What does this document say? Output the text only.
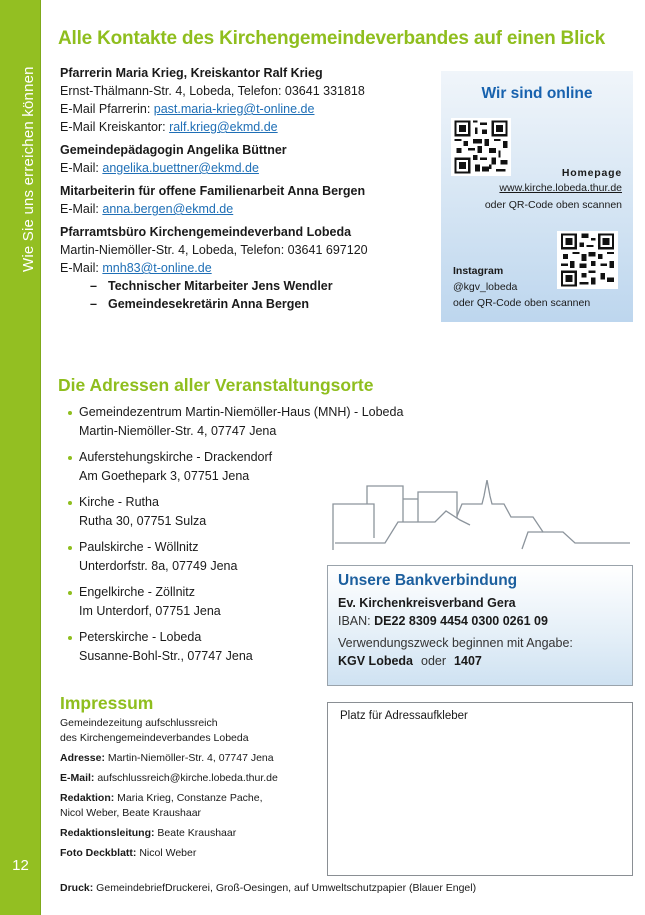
Wie Sie uns erreichen können
12
Alle Kontakte des Kirchengemeindeverbandes auf einen Blick
Pfarrerin Maria Krieg, Kreiskantor Ralf Krieg
Ernst-Thälmann-Str. 4, Lobeda, Telefon: 03641 331818
E-Mail Pfarrerin: past.maria-krieg@t-online.de
E-Mail Kreiskantor: ralf.krieg@ekmd.de
Gemeindepädagogin Angelika Büttner
E-Mail: angelika.buettner@ekmd.de
Mitarbeiterin für offene Familienarbeit Anna Bergen
E-Mail: anna.bergen@ekmd.de
Pfarramtsbüro Kirchengemeindeverband Lobeda
Martin-Niemöller-Str. 4, Lobeda, Telefon: 03641 697120
E-Mail: mnh83@t-online.de
– Technischer Mitarbeiter Jens Wendler
– Gemeindesekretärin Anna Bergen
Wir sind online
Homepage
www.kirche.lobeda.thur.de
oder QR-Code oben scannen
Instagram
@kgv_lobeda
oder QR-Code oben scannen
Die Adressen aller Veranstaltungsorte
Gemeindezentrum Martin-Niemöller-Haus (MNH) - Lobeda
Martin-Niemöller-Str. 4, 07747 Jena
Auferstehungskirche - Drackendorf
Am Goethepark 3, 07751 Jena
Kirche - Rutha
Rutha 30, 07751 Sulza
Paulskirche - Wöllnitz
Unterdorfstr. 8a, 07749 Jena
Engelkirche - Zöllnitz
Im Unterdorf, 07751 Jena
Peterskirche - Lobeda
Susanne-Bohl-Str., 07747 Jena
Unsere Bankverbindung
Ev. Kirchenkreisverband Gera
IBAN: DE22 8309 4454 0300 0261 09
Verwendungszweck beginnen mit Angabe:
KGV Lobeda oder 1407
Impressum

Gemeindezeitung aufschlussreich
des Kirchengemeindeverbandes Lobeda

Adresse: Martin-Niemöller-Str. 4, 07747 Jena

E-Mail: aufschlussreich@kirche.lobeda.thur.de

Redaktion: Maria Krieg, Constanze Pache,
Nicol Weber, Beate Kraushaar

Redaktionsleitung: Beate Kraushaar

Foto Deckblatt: Nicol Weber

Druck: GemeindebriefDruckerei, Groß-Oesingen, auf Umweltschutzpapier (Blauer Engel)
Platz für Adressaufkleber
